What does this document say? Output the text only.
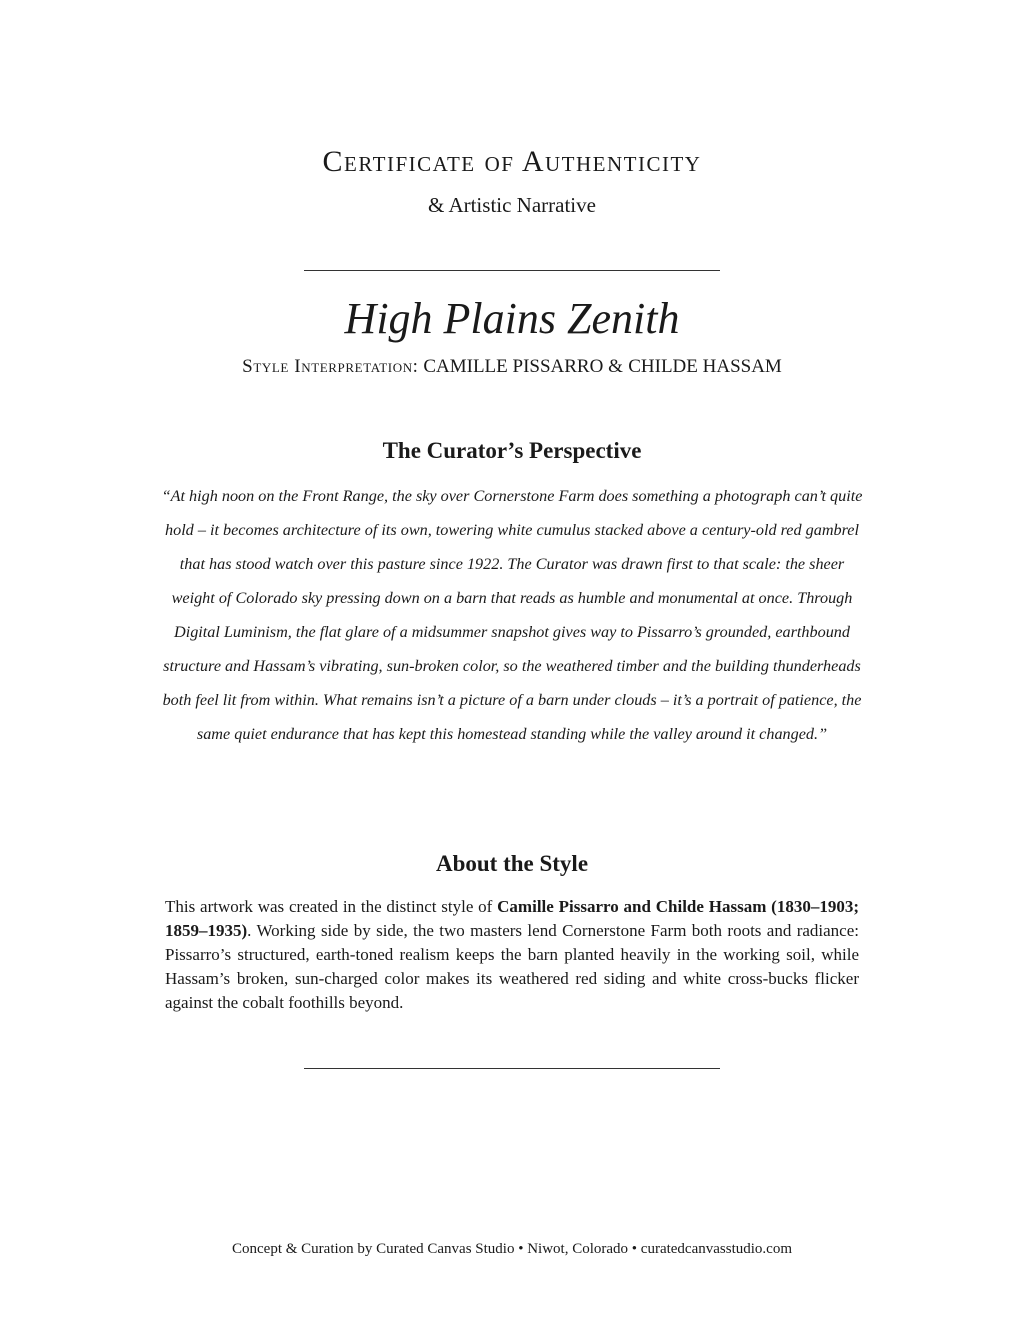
Certificate of Authenticity
& Artistic Narrative
High Plains Zenith
Style Interpretation: CAMILLE PISSARRO & CHILDE HASSAM
The Curator’s Perspective

“At high noon on the Front Range, the sky over Cornerstone Farm does something a photograph can’t quite hold – it becomes architecture of its own, towering white cumulus stacked above a century-old red gambrel that has stood watch over this pasture since 1922. The Curator was drawn first to that scale: the sheer weight of Colorado sky pressing down on a barn that reads as humble and monumental at once. Through Digital Luminism, the flat glare of a midsummer snapshot gives way to Pissarro’s grounded, earthbound structure and Hassam’s vibrating, sun-broken color, so the weathered timber and the building thunderheads both feel lit from within. What remains isn’t a picture of a barn under clouds – it’s a portrait of patience, the same quiet endurance that has kept this homestead standing while the valley around it changed.”

About the Style

This artwork was created in the distinct style of Camille Pissarro and Childe Hassam (1830–1903; 1859–1935). Working side by side, the two masters lend Cornerstone Farm both roots and radiance: Pissarro’s structured, earth-toned realism keeps the barn planted heavily in the working soil, while Hassam’s broken, sun-charged color makes its weathered red siding and white cross-bucks flicker against the cobalt foothills beyond.

Concept & Curation by Curated Canvas Studio • Niwot, Colorado • curatedcanvasstudio.com
